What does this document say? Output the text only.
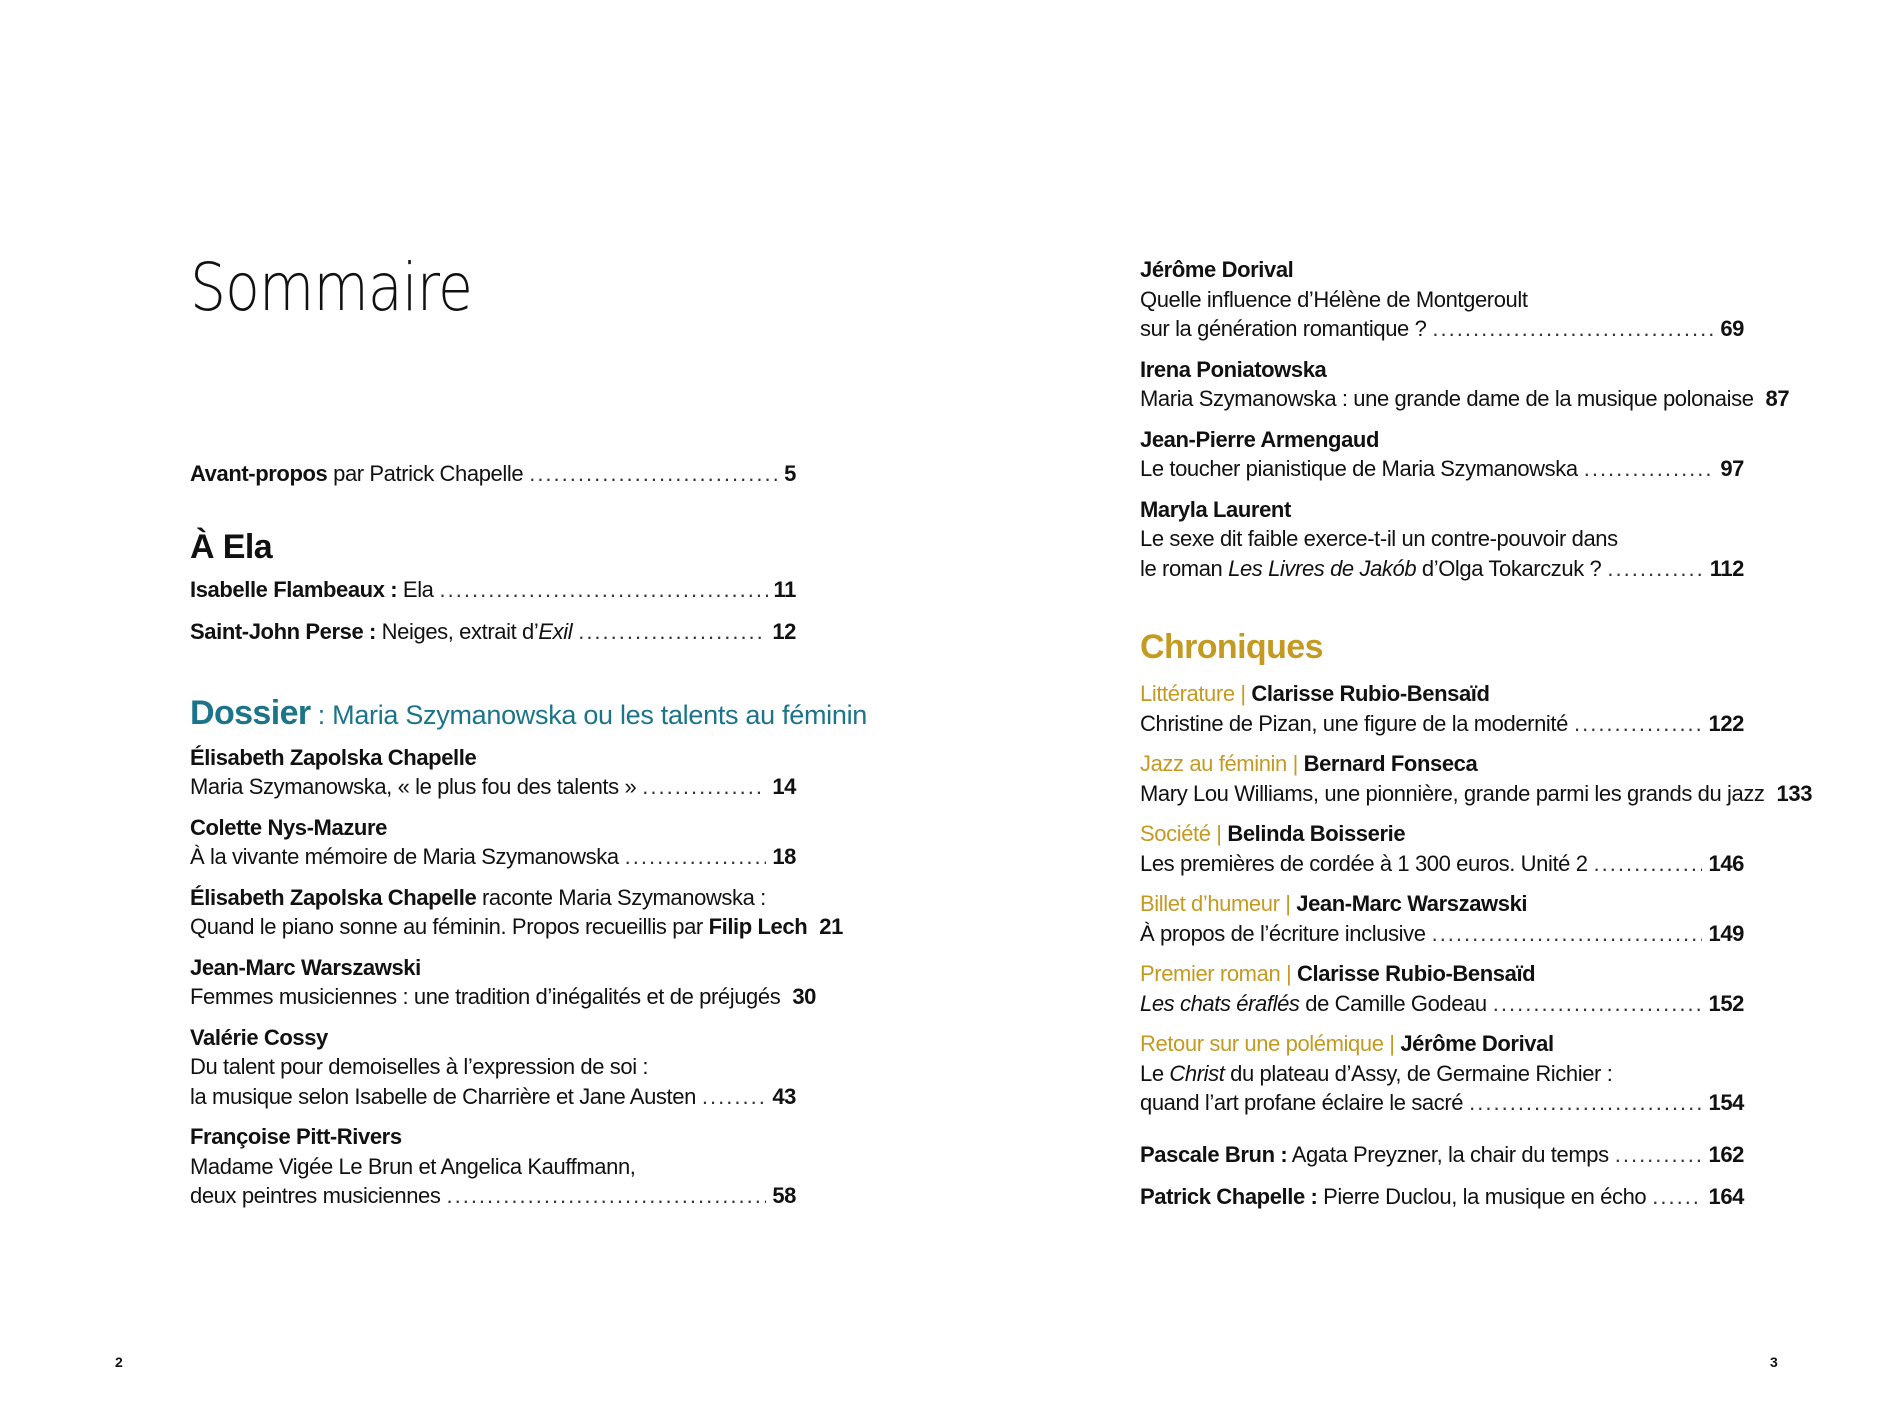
Sommaire
Avant-propos par Patrick Chapelle .....	5
À Ela
Isabelle Flambeaux : Ela .....	11
Saint-John Perse : Neiges, extrait d’Exil .....	12
Dossier : Maria Szymanowska ou les talents au féminin
Élisabeth Zapolska Chapelle
Maria Szymanowska, « le plus fou des talents » .....	14
Colette Nys-Mazure
À la vivante mémoire de Maria Szymanowska .....	18
Élisabeth Zapolska Chapelle raconte Maria Szymanowska :
Quand le piano sonne au féminin. Propos recueillis par Filip Lech 21
Jean-Marc Warszawski
Femmes musiciennes : une tradition d’inégalités et de préjugés 30
Valérie Cossy
Du talent pour demoiselles à l’expression de soi :
la musique selon Isabelle de Charrière et Jane Austen .....	43
Françoise Pitt-Rivers
Madame Vigée Le Brun et Angelica Kauffmann,
deux peintres musiciennes .....	58
2
Jérôme Dorival
Quelle influence d’Hélène de Montgeroult
sur la génération romantique ? .....	69
Irena Poniatowska
Maria Szymanowska : une grande dame de la musique polonaise 87
Jean-Pierre Armengaud
Le toucher pianistique de Maria Szymanowska .....	97
Maryla Laurent
Le sexe dit faible exerce-t-il un contre-pouvoir dans
le roman Les Livres de Jakób d’Olga Tokarczuk ? .....	112
Chroniques
Littérature | Clarisse Rubio-Bensaïd
Christine de Pizan, une figure de la modernité .....	122
Jazz au féminin | Bernard Fonseca
Mary Lou Williams, une pionnière, grande parmi les grands du jazz 133
Société | Belinda Boisserie
Les premières de cordée à 1 300 euros. Unité 2 .....	146
Billet d’humeur | Jean-Marc Warszawski
À propos de l’écriture inclusive .....	149
Premier roman | Clarisse Rubio-Bensaïd
Les chats éraflés de Camille Godeau .....	152
Retour sur une polémique | Jérôme Dorival
Le Christ du plateau d’Assy, de Germaine Richier :
quand l’art profane éclaire le sacré .....	154
Pascale Brun : Agata Preyzner, la chair du temps .....	162
Patrick Chapelle : Pierre Duclou, la musique en écho .....	164
3
